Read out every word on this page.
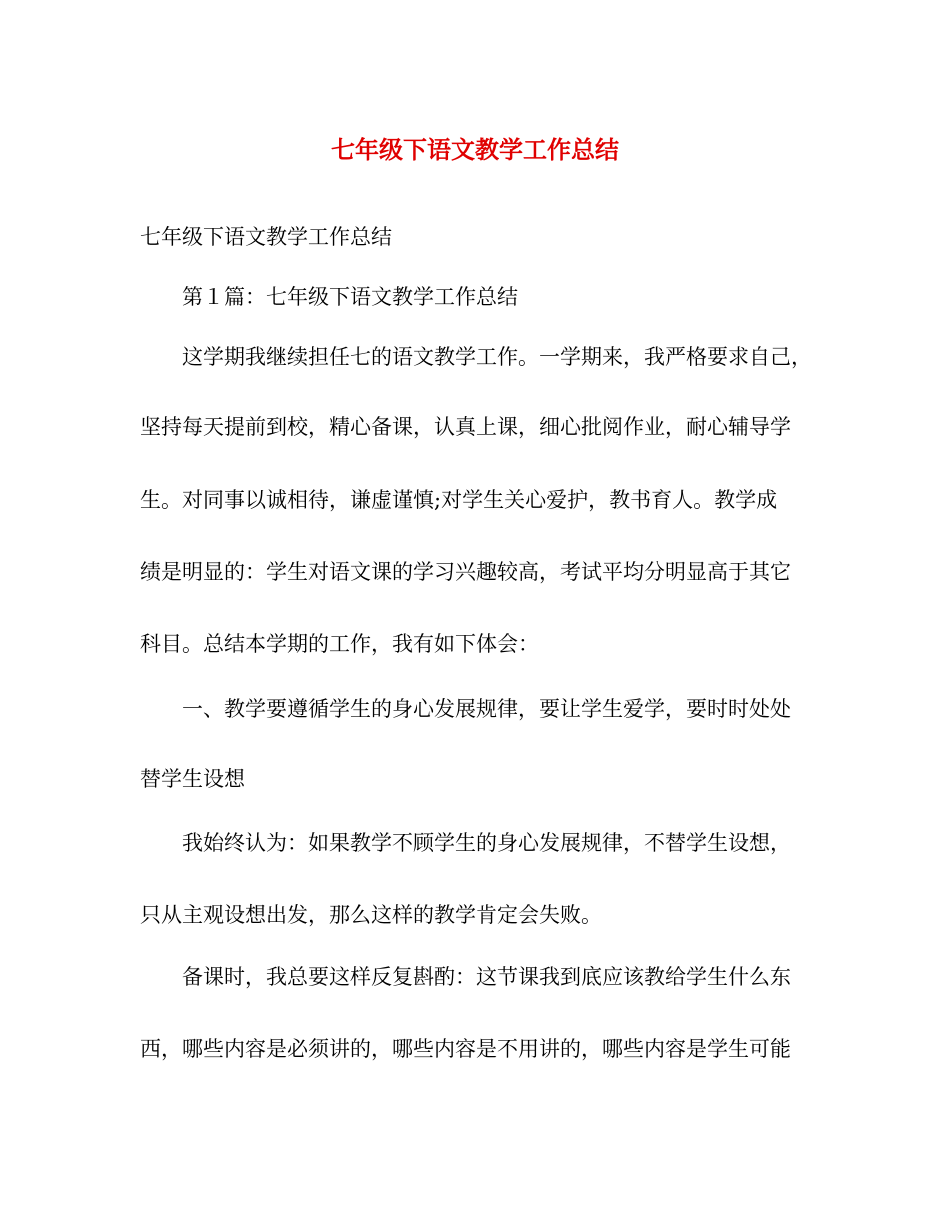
七年级下语文教学工作总结
七年级下语文教学工作总结
第１篇：七年级下语文教学工作总结
这学期我继续担任七的语文教学工作。一学期来，我严格要求自己，
坚持每天提前到校，精心备课，认真上课，细心批阅作业，耐心辅导学
生。对同事以诚相待，谦虚谨慎;对学生关心爱护，教书育人。教学成
绩是明显的：学生对语文课的学习兴趣较高，考试平均分明显高于其它
科目。总结本学期的工作，我有如下体会：
一、教学要遵循学生的身心发展规律，要让学生爱学，要时时处处
替学生设想
我始终认为：如果教学不顾学生的身心发展规律，不替学生设想，
只从主观设想出发，那么这样的教学肯定会失败。
备课时，我总要这样反复斟酌：这节课我到底应该教给学生什么东
西，哪些内容是必须讲的，哪些内容是不用讲的，哪些内容是学生可能
